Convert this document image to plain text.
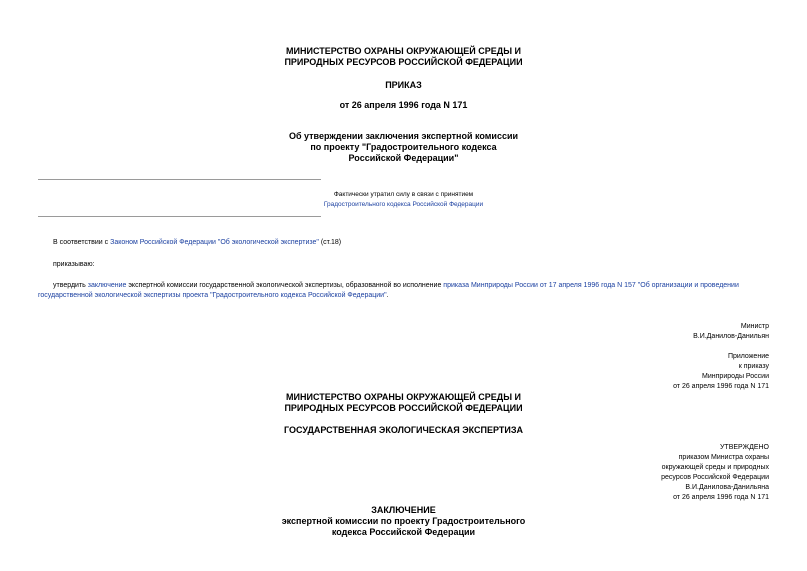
МИНИСТЕРСТВО ОХРАНЫ ОКРУЖАЮЩЕЙ СРЕДЫ И
ПРИРОДНЫХ РЕСУРСОВ РОССИЙСКОЙ ФЕДЕРАЦИИ
ПРИКАЗ
от 26 апреля 1996 года N 171
Об утверждении заключения экспертной комиссии
по проекту "Градостроительного кодекса
Российской Федерации"
Фактически утратил силу в связи с принятием
Градостроительного кодекса Российской Федерации
В соответствии с Законом Российской Федерации "Об экологической экспертизе" (ст.18)
приказываю:
утвердить заключение экспертной комиссии государственной экологической экспертизы, образованной во исполнение приказа Минприроды России от 17 апреля 1996 года N 157 "Об организации и проведении государственной экологической экспертизы проекта "Градостроительного кодекса Российской Федерации".
Министр
В.И.Данилов-Данильян
Приложение
к приказу
Минприроды России
от 26 апреля 1996 года N 171
МИНИСТЕРСТВО ОХРАНЫ ОКРУЖАЮЩЕЙ СРЕДЫ И
ПРИРОДНЫХ РЕСУРСОВ РОССИЙСКОЙ ФЕДЕРАЦИИ
ГОСУДАРСТВЕННАЯ ЭКОЛОГИЧЕСКАЯ ЭКСПЕРТИЗА
УТВЕРЖДЕНО
приказом Министра охраны
окружающей среды и природных
ресурсов Российской Федерации
В.И.Данилова-Данильяна
от 26 апреля 1996 года N 171
ЗАКЛЮЧЕНИЕ
экспертной комиссии по проекту Градостроительного
кодекса Российской Федерации
